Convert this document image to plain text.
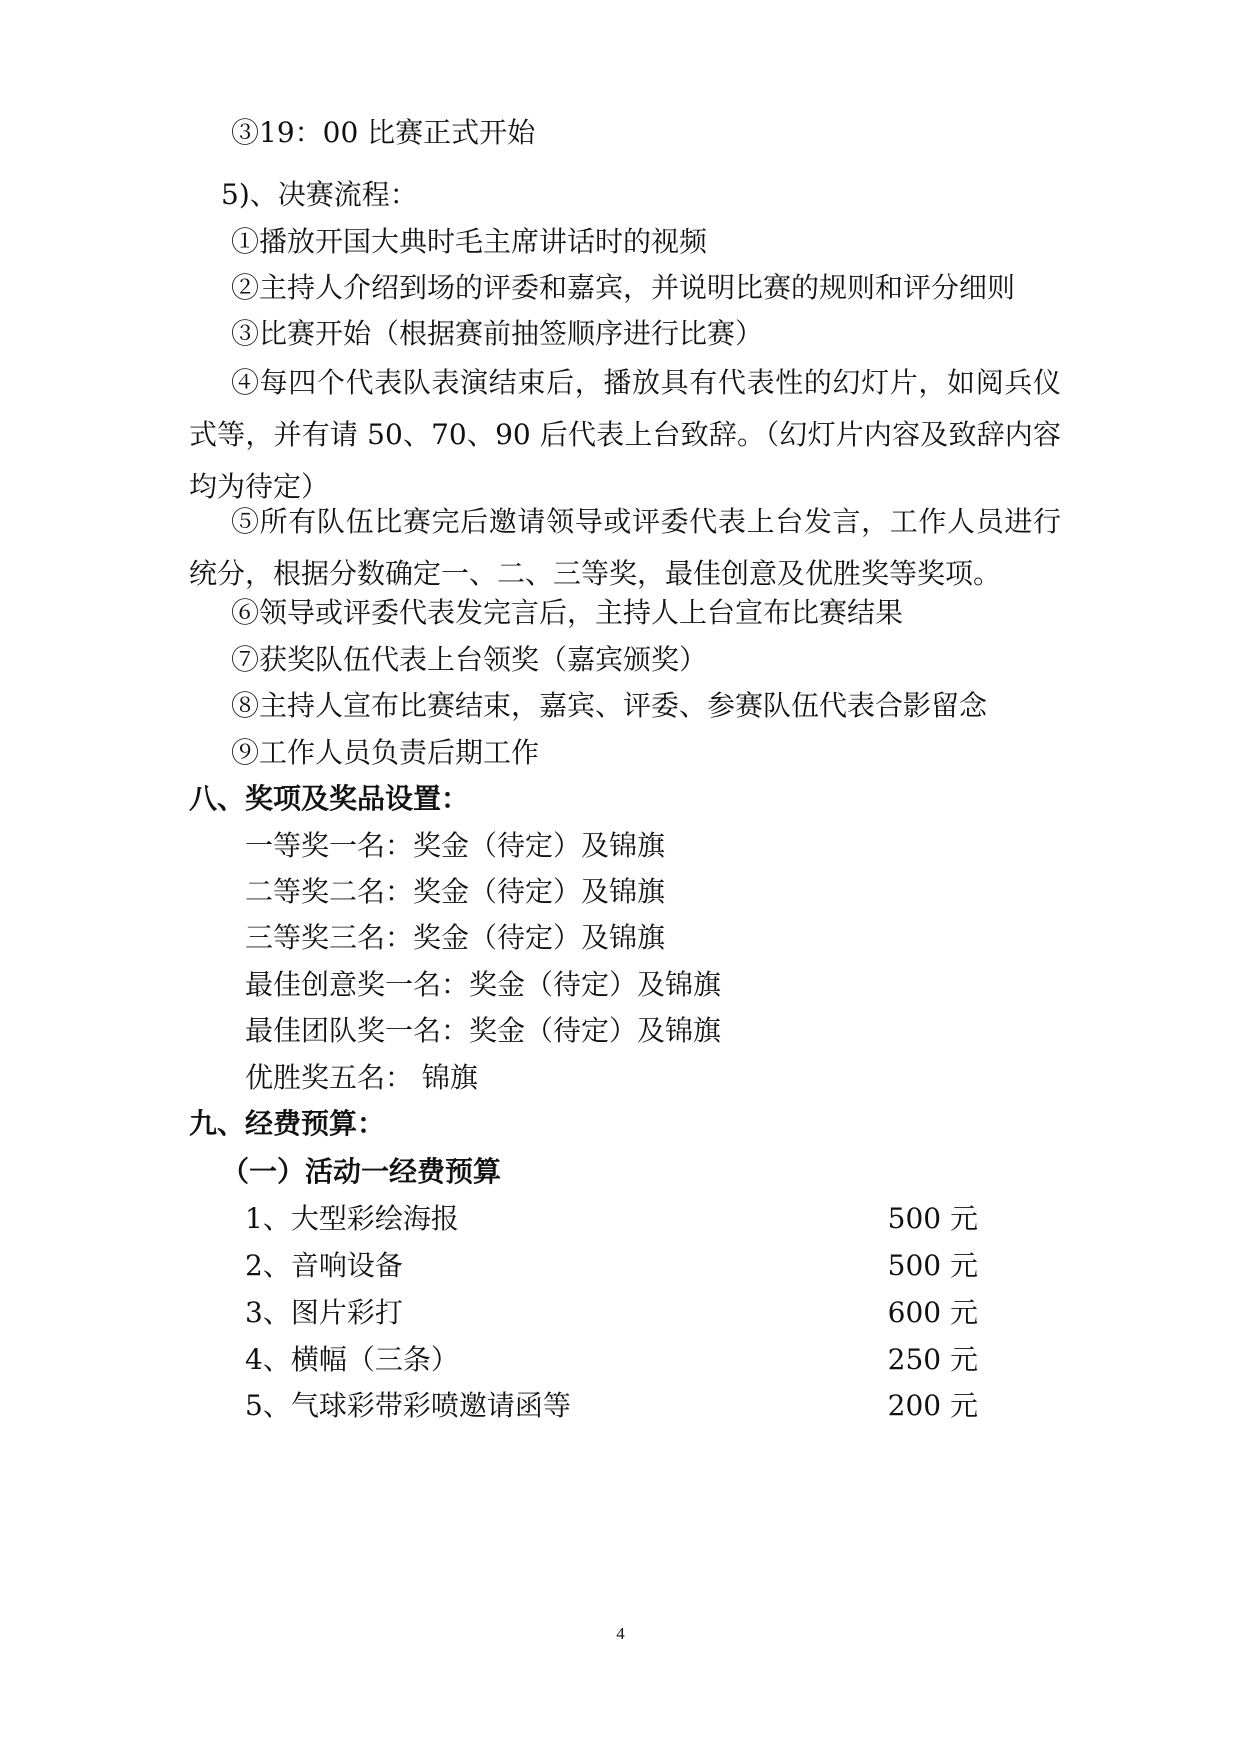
③19：00 比赛正式开始
5)、决赛流程：
①播放开国大典时毛主席讲话时的视频
②主持人介绍到场的评委和嘉宾，并说明比赛的规则和评分细则
③比赛开始（根据赛前抽签顺序进行比赛）
④每四个代表队表演结束后，播放具有代表性的幻灯片，如阅兵仪式等，并有请 50、70、90 后代表上台致辞。（幻灯片内容及致辞内容均为待定）
⑤所有队伍比赛完后邀请领导或评委代表上台发言，工作人员进行统分，根据分数确定一、二、三等奖，最佳创意及优胜奖等奖项。
⑥领导或评委代表发完言后，主持人上台宣布比赛结果
⑦获奖队伍代表上台领奖（嘉宾颁奖）
⑧主持人宣布比赛结束，嘉宾、评委、参赛队伍代表合影留念
⑨工作人员负责后期工作
八、奖项及奖品设置：
一等奖一名：奖金（待定）及锦旗
二等奖二名：奖金（待定）及锦旗
三等奖三名：奖金（待定）及锦旗
最佳创意奖一名：奖金（待定）及锦旗
最佳团队奖一名：奖金（待定）及锦旗
优胜奖五名： 锦旗
九、经费预算：
（一）活动一经费预算
1、大型彩绘海报	500 元
2、音响设备	500 元
3、图片彩打	600 元
4、横幅（三条）	250 元
5、气球彩带彩喷邀请函等	200 元
4
